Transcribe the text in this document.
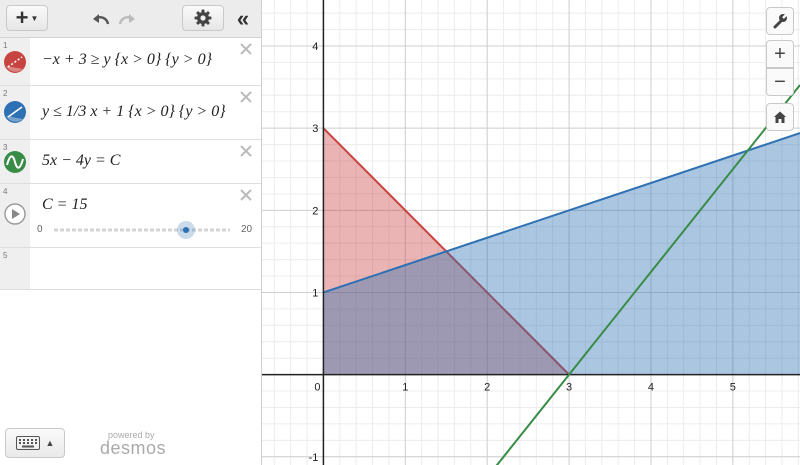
+ ▼	«
1
−x + 3 ≥ y {x > 0} {y > 0}
2
y ≤ 1/3 x + 1 {x > 0} {y > 0}
3
5x − 4y = C
4
C = 15
0	20
5
▲
powered by
desmos
0	1	2	3	4	5
-1
1
2
3
4	+
−
